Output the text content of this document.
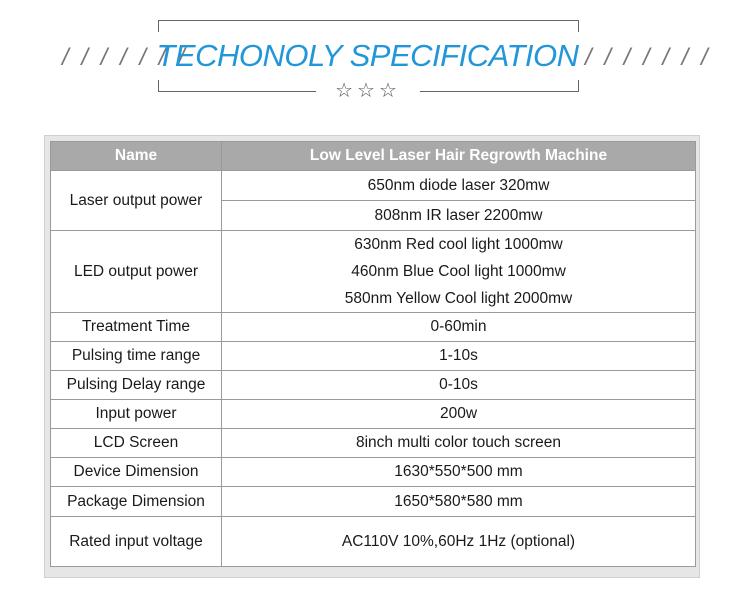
/ / / / / / /
TECHONOLY SPECIFICATION / / / / / / /
☆☆☆
Name	Low Level Laser Hair Regrowth Machine
Laser output power	650nm diode laser 320mw
	808nm IR laser 2200mw
LED output power	630nm Red cool light 1000mw
460nm Blue Cool light 1000mw
580nm Yellow Cool light 2000mw

Treatment Time	0-60min
Pulsing time range	1-10s
Pulsing Delay range	0-10s
Input power	200w
LCD Screen	8inch multi color touch screen
Device Dimension	1630*550*500 mm
Package Dimension	1650*580*580 mm
Rated input voltage	AC110V 10%,60Hz 1Hz (optional)
